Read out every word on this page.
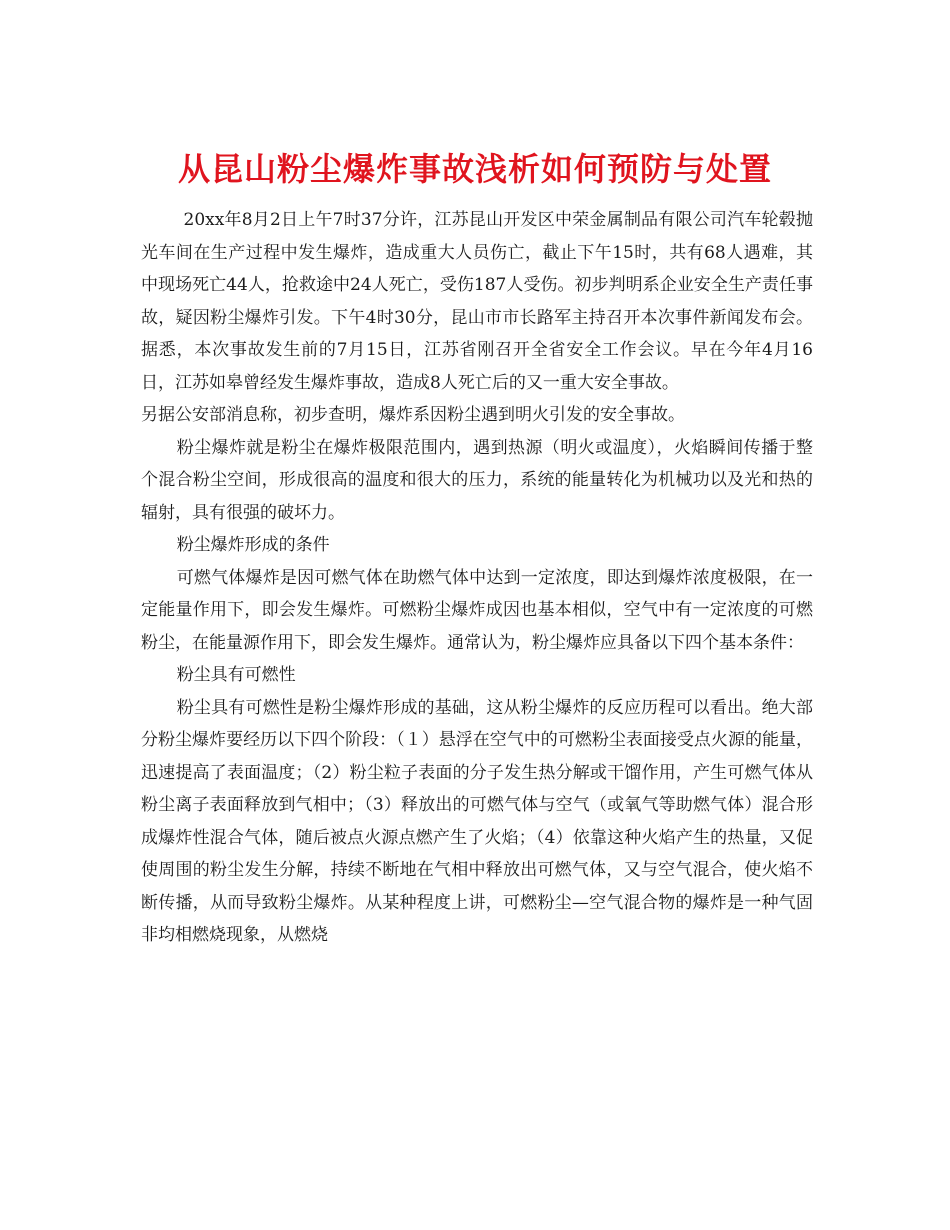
从昆山粉尘爆炸事故浅析如何预防与处置

20xx年8月2日上午7时37分许，江苏昆山开发区中荣金属制品有限公司汽车轮毂抛光车间在生产过程中发生爆炸，造成重大人员伤亡，截止下午15时，共有68人遇难，其中现场死亡44人，抢救途中24人死亡，受伤187人受伤。初步判明系企业安全生产责任事故，疑因粉尘爆炸引发。下午4时30分，昆山市市长路军主持召开本次事件新闻发布会。据悉，本次事故发生前的7月15日，江苏省刚召开全省安全工作会议。早在今年4月16日，江苏如皋曾经发生爆炸事故，造成8人死亡后的又一重大安全事故。

另据公安部消息称，初步查明，爆炸系因粉尘遇到明火引发的安全事故。

粉尘爆炸就是粉尘在爆炸极限范围内，遇到热源（明火或温度），火焰瞬间传播于整个混合粉尘空间，形成很高的温度和很大的压力，系统的能量转化为机械功以及光和热的辐射，具有很强的破坏力。

粉尘爆炸形成的条件

可燃气体爆炸是因可燃气体在助燃气体中达到一定浓度，即达到爆炸浓度极限，在一定能量作用下，即会发生爆炸。可燃粉尘爆炸成因也基本相似，空气中有一定浓度的可燃粉尘，在能量源作用下，即会发生爆炸。通常认为，粉尘爆炸应具备以下四个基本条件：

粉尘具有可燃性

粉尘具有可燃性是粉尘爆炸形成的基础，这从粉尘爆炸的反应历程可以看出。绝大部分粉尘爆炸要经历以下四个阶段：（１）悬浮在空气中的可燃粉尘表面接受点火源的能量，迅速提高了表面温度；（2）粉尘粒子表面的分子发生热分解或干馏作用，产生可燃气体从粉尘离子表面释放到气相中；（3）释放出的可燃气体与空气（或氧气等助燃气体）混合形成爆炸性混合气体，随后被点火源点燃产生了火焰；（4）依靠这种火焰产生的热量，又促使周围的粉尘发生分解，持续不断地在气相中释放出可燃气体，又与空气混合，使火焰不断传播，从而导致粉尘爆炸。从某种程度上讲，可燃粉尘—空气混合物的爆炸是一种气固非均相燃烧现象，从燃烧
